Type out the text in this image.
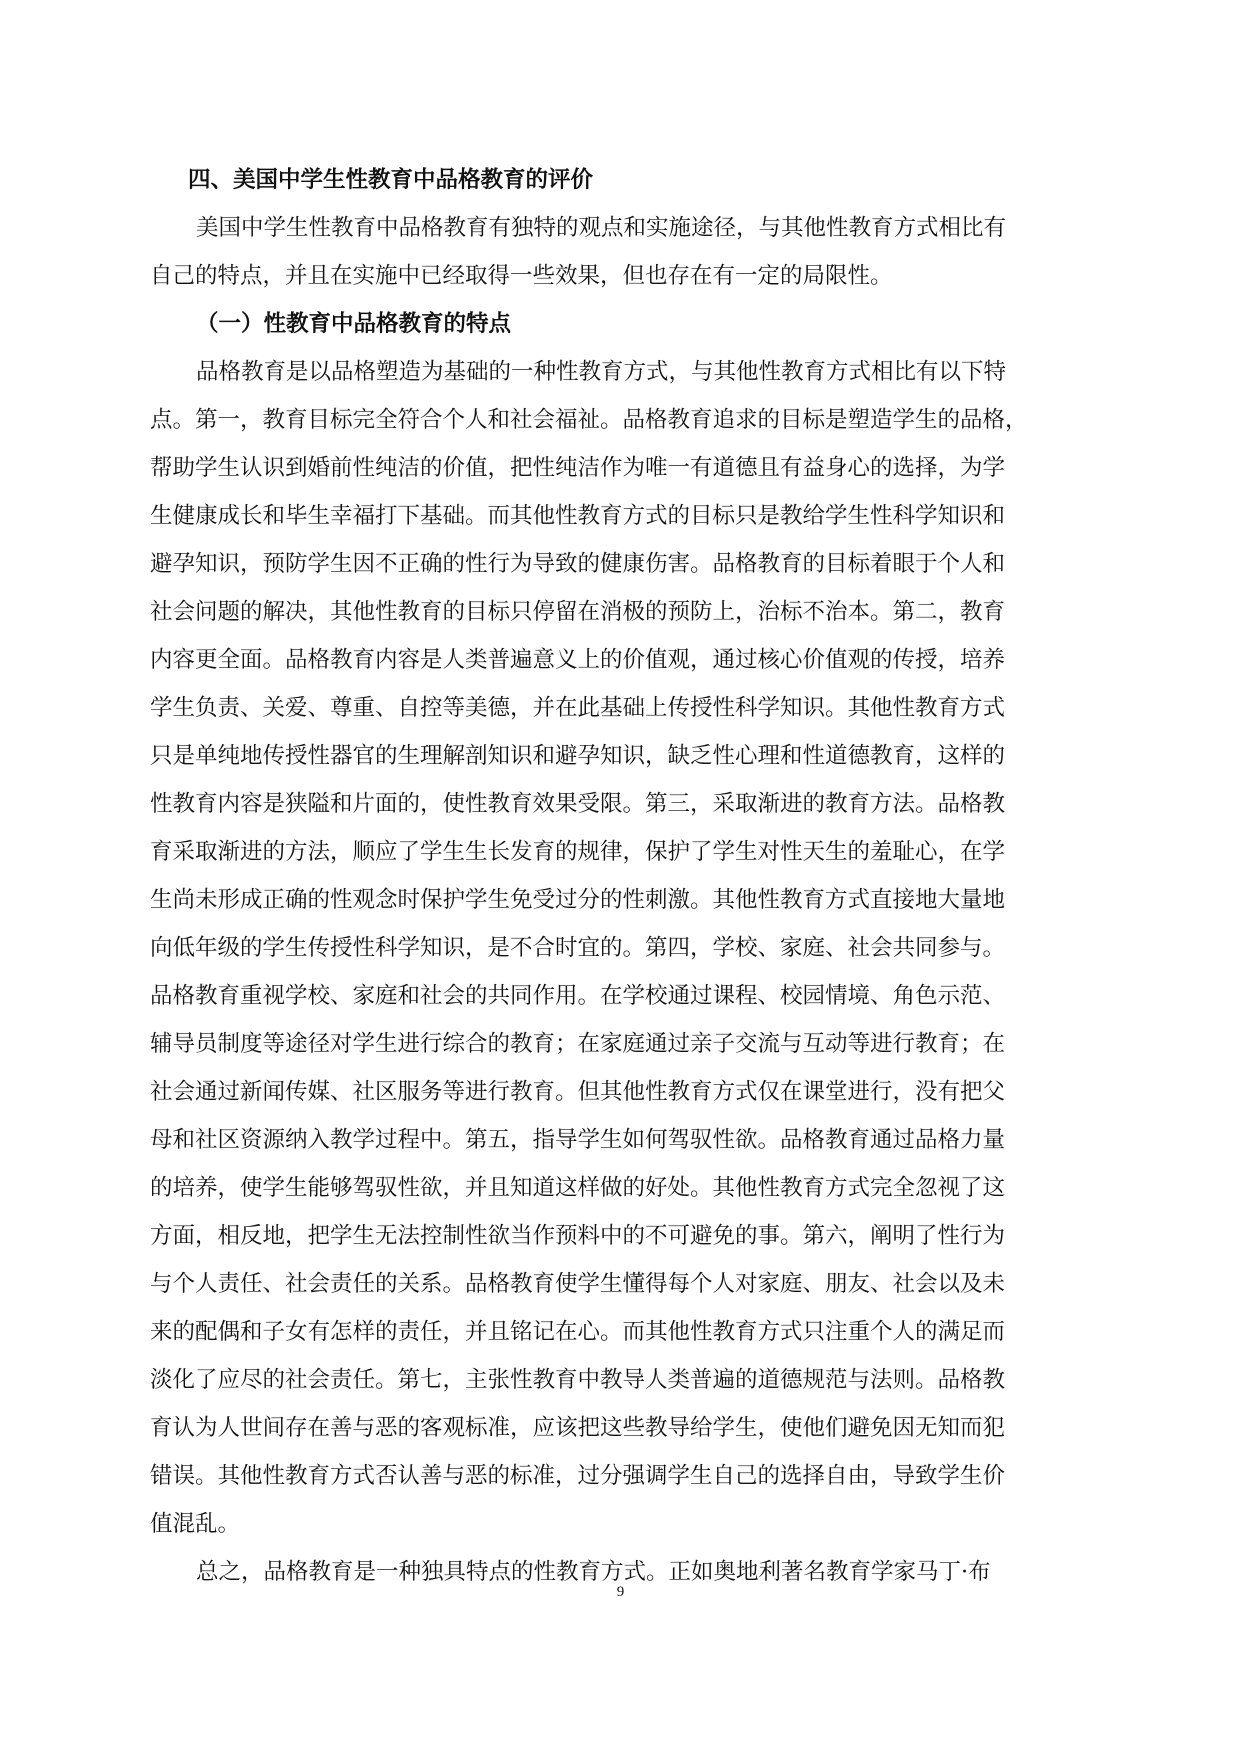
四、美国中学生性教育中品格教育的评价
美国中学生性教育中品格教育有独特的观点和实施途径，与其他性教育方式相比有
自己的特点，并且在实施中已经取得一些效果，但也存在有一定的局限性。
（一）性教育中品格教育的特点
品格教育是以品格塑造为基础的一种性教育方式，与其他性教育方式相比有以下特
点。第一，教育目标完全符合个人和社会福祉。品格教育追求的目标是塑造学生的品格，
帮助学生认识到婚前性纯洁的价值，把性纯洁作为唯一有道德且有益身心的选择，为学
生健康成长和毕生幸福打下基础。而其他性教育方式的目标只是教给学生性科学知识和
避孕知识，预防学生因不正确的性行为导致的健康伤害。品格教育的目标着眼于个人和
社会问题的解决，其他性教育的目标只停留在消极的预防上，治标不治本。第二，教育
内容更全面。品格教育内容是人类普遍意义上的价值观，通过核心价值观的传授，培养
学生负责、关爱、尊重、自控等美德，并在此基础上传授性科学知识。其他性教育方式
只是单纯地传授性器官的生理解剖知识和避孕知识，缺乏性心理和性道德教育，这样的
性教育内容是狭隘和片面的，使性教育效果受限。第三，采取渐进的教育方法。品格教
育采取渐进的方法，顺应了学生生长发育的规律，保护了学生对性天生的羞耻心，在学
生尚未形成正确的性观念时保护学生免受过分的性刺激。其他性教育方式直接地大量地
向低年级的学生传授性科学知识，是不合时宜的。第四，学校、家庭、社会共同参与。
品格教育重视学校、家庭和社会的共同作用。在学校通过课程、校园情境、角色示范、
辅导员制度等途径对学生进行综合的教育；在家庭通过亲子交流与互动等进行教育；在
社会通过新闻传媒、社区服务等进行教育。但其他性教育方式仅在课堂进行，没有把父
母和社区资源纳入教学过程中。第五，指导学生如何驾驭性欲。品格教育通过品格力量
的培养，使学生能够驾驭性欲，并且知道这样做的好处。其他性教育方式完全忽视了这
方面，相反地，把学生无法控制性欲当作预料中的不可避免的事。第六，阐明了性行为
与个人责任、社会责任的关系。品格教育使学生懂得每个人对家庭、朋友、社会以及未
来的配偶和子女有怎样的责任，并且铭记在心。而其他性教育方式只注重个人的满足而
淡化了应尽的社会责任。第七，主张性教育中教导人类普遍的道德规范与法则。品格教
育认为人世间存在善与恶的客观标准，应该把这些教导给学生，使他们避免因无知而犯
错误。其他性教育方式否认善与恶的标准，过分强调学生自己的选择自由，导致学生价
值混乱。
总之，品格教育是一种独具特点的性教育方式。正如奥地利著名教育学家马丁·布
9
